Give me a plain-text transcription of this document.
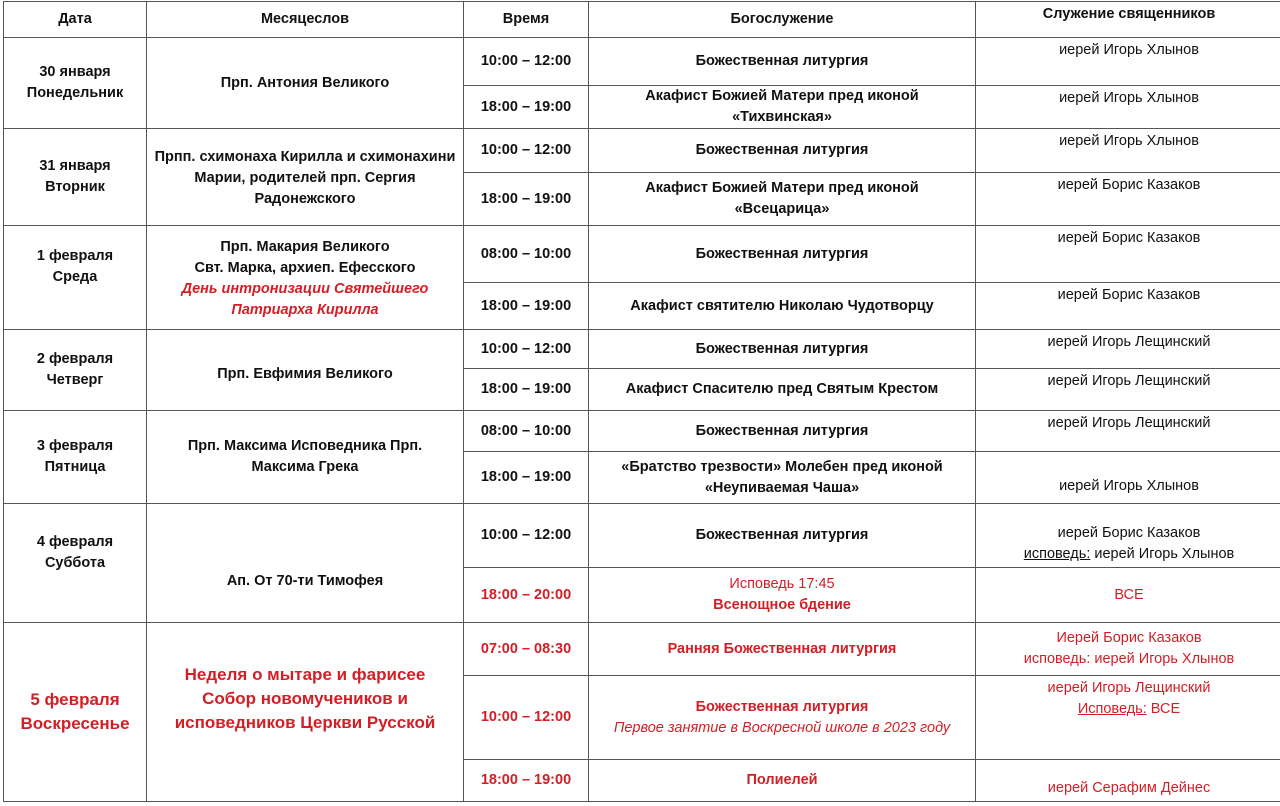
Дата	Месяцеслов	Время	Богослужение	Служение священников

30 января
Понедельник	Прп. Антония Великого	10:00 – 12:00	Божественная литургия	иерей Игорь Хлынов

		18:00 – 19:00	Акафист Божией Матери пред иконой
«Тихвинская»	иерей Игорь Хлынов

31 января
Вторник	Прпп. схимонаха Кирилла и схимонахини
Марии, родителей прп. Сергия
Радонежского	10:00 – 12:00	Божественная литургия	иерей Игорь Хлынов

		18:00 – 19:00	Акафист Божией Матери пред иконой
«Всецарица»	иерей Борис Казаков

1 февраля
Среда	Прп. Макария Великого
Свт. Марка, архиеп. Ефесского
День интронизации Святейшего
Патриарха Кирилла	08:00 – 10:00	Божественная литургия	иерей Борис Казаков

		18:00 – 19:00	Акафист святителю Николаю Чудотворцу	иерей Борис Казаков

2 февраля
Четверг	Прп. Евфимия Великого	10:00 – 12:00	Божественная литургия	иерей Игорь Лещинский

		18:00 – 19:00	Акафист Спасителю пред Святым Крестом	иерей Игорь Лещинский

3 февраля
Пятница	Прп. Максима Исповедника Прп.
Максима Грека	08:00 – 10:00	Божественная литургия	иерей Игорь Лещинский

		18:00 – 19:00	«Братство трезвости» Молебен пред иконой
«Неупиваемая Чаша»	иерей Игорь Хлынов

4 февраля
Суббота	Ап. От 70-ти Тимофея	10:00 – 12:00	Божественная литургия	иерей Борис Казаков
исповедь: иерей Игорь Хлынов

		18:00 – 20:00	Исповедь 17:45
Всенощное бдение	ВСЕ

5 февраля
Воскресенье	Неделя о мытаре и фарисее
Собор новомучеников и
исповедников Церкви Русской	07:00 – 08:30	Ранняя Божественная литургия	Иерей Борис Казаков
исповедь: иерей Игорь Хлынов

		10:00 – 12:00	Божественная литургия
Первое занятие в Воскресной школе в 2023 году	иерей Игорь Лещинский
Исповедь: ВСЕ

		18:00 – 19:00	Полиелей	иерей Серафим Дейнес
